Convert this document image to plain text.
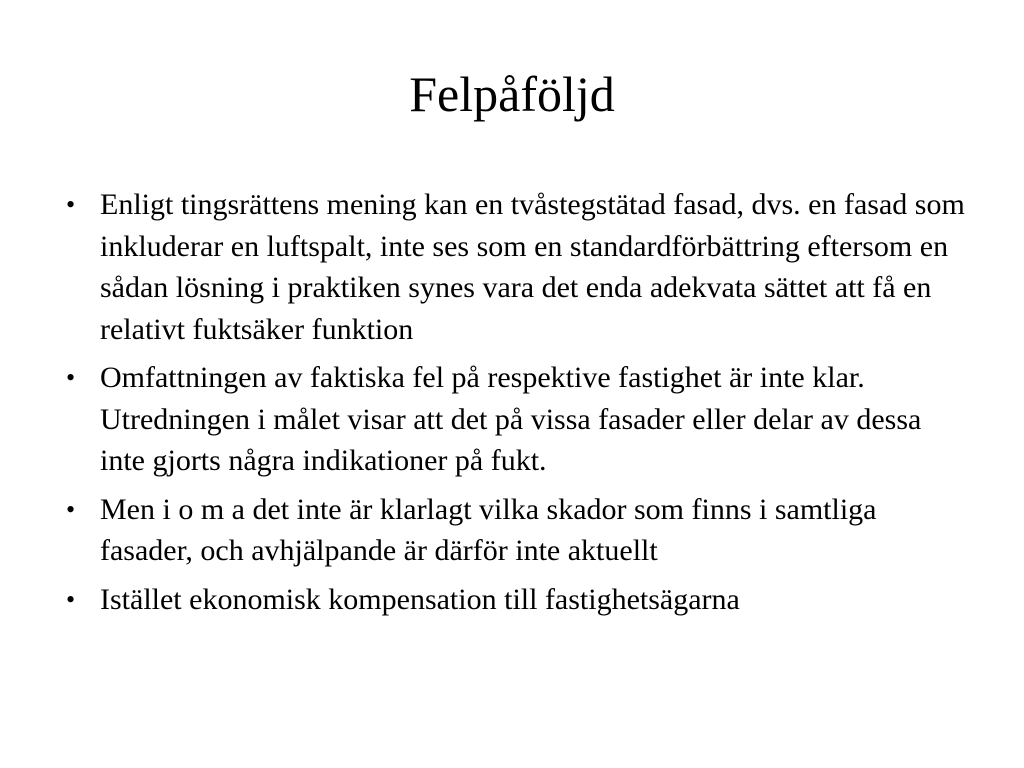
Felpåföljd
• Enligt tingsrättens mening kan en tvåstegstätad fasad, dvs. en fasad som inkluderar en luftspalt, inte ses som en standardförbättring eftersom en sådan lösning i praktiken synes vara det enda adekvata sättet att få en relativt fuktsäker funktion
• Omfattningen av faktiska fel på respektive fastighet är inte klar. Utredningen i målet visar att det på vissa fasader eller delar av dessa inte gjorts några indikationer på fukt.
• Men i o m a det inte är klarlagt vilka skador som finns i samtliga fasader, och avhjälpande är därför inte aktuellt
• Istället ekonomisk kompensation till fastighetsägarna
